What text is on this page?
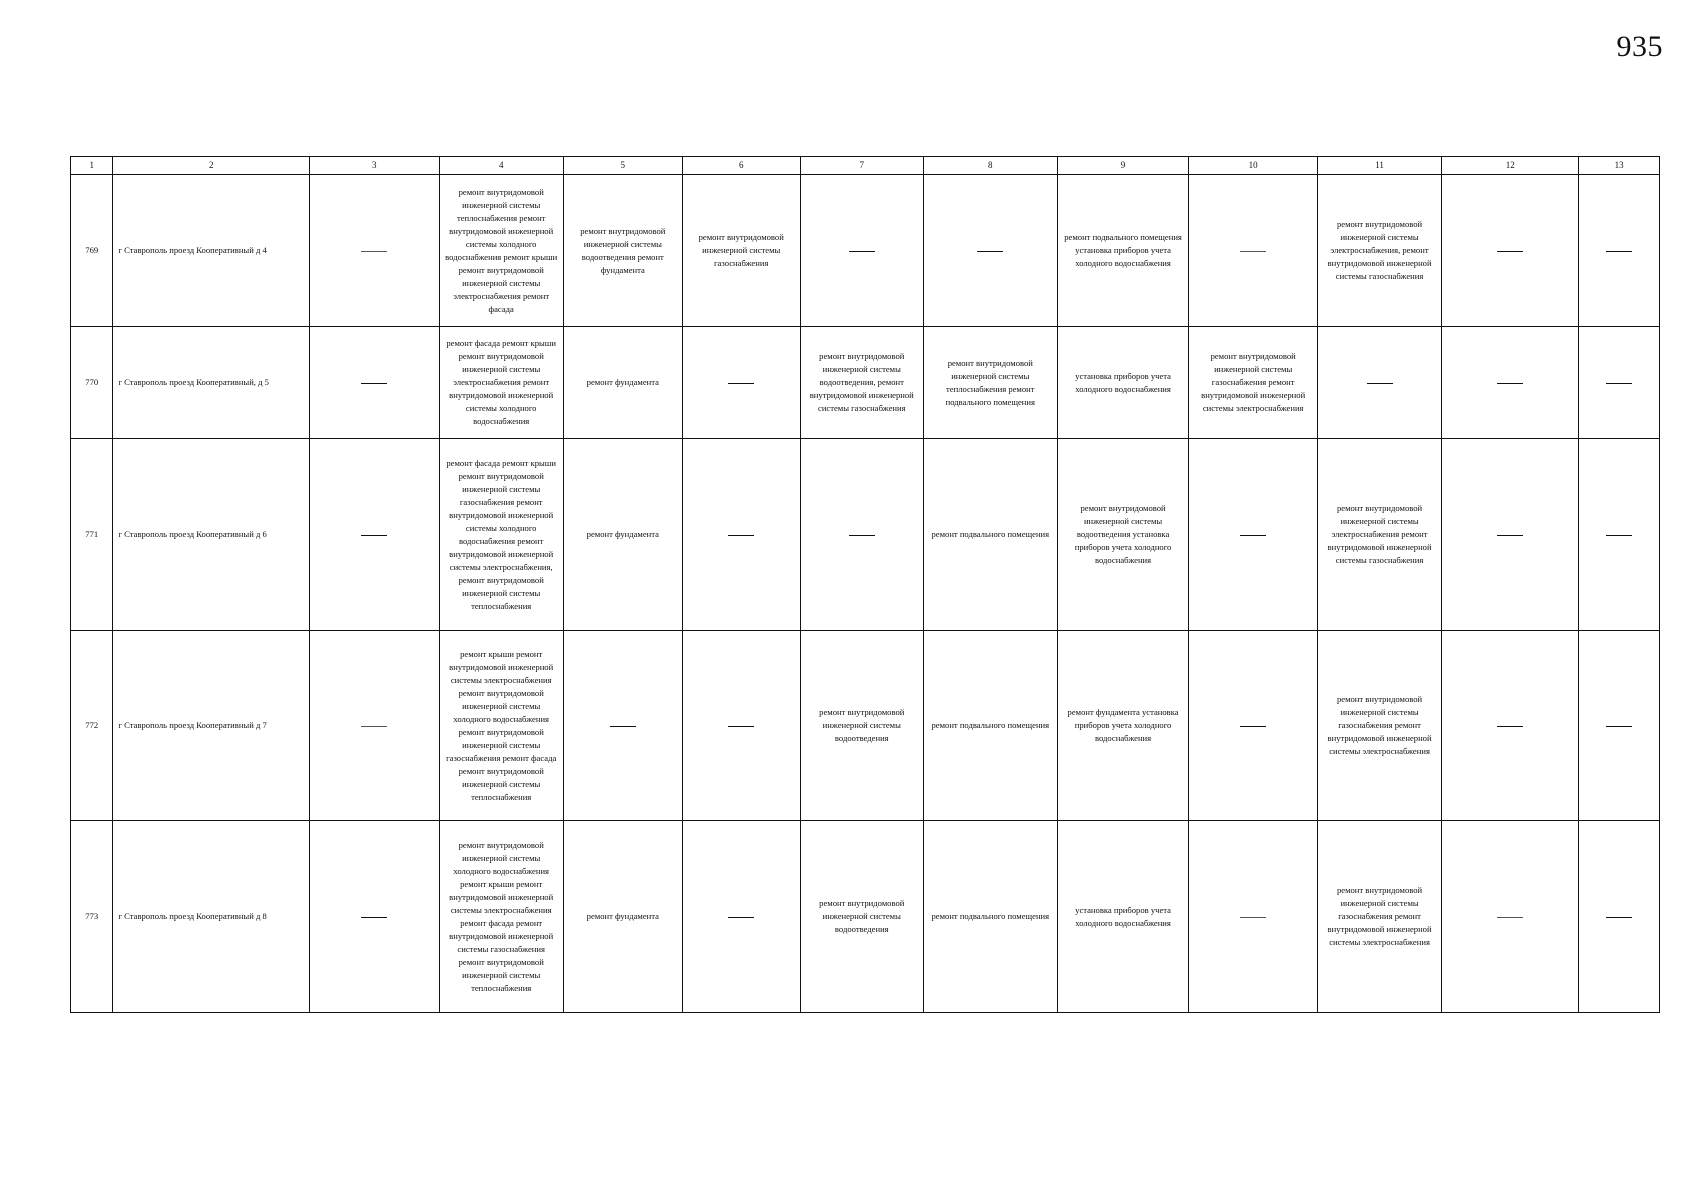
935
1	2	3	4	5	6	7	8	9	10	11	12	13
769	г Ставрополь проезд Кооперативный д 4		ремонт внутридомовой инженерной системы теплоснабжения ремонт внутридомовой инженерной системы холодного водоснабжения ремонт крыши ремонт внутридомовой инженерной системы электроснабжения ремонт фасада	ремонт внутридомовой инженерной системы водоотведения ремонт фундамента	ремонт внутридомовой инженерной системы газоснабжения			ремонт подвального помещения установка приборов учета холодного водоснабжения		ремонт внутридомовой инженерной системы электроснабжения, ремонт внутридомовой инженерной системы газоснабжения		
770	г Ставрополь проезд Кооперативный, д 5		ремонт фасада ремонт крыши ремонт внутридомовой инженерной системы электроснабжения ремонт внутридомовой инженерной системы холодного водоснабжения	ремонт фундамента		ремонт внутридомовой инженерной системы водоотведения, ремонт внутридомовой инженерной системы газоснабжения	ремонт внутридомовой инженерной системы теплоснабжения ремонт подвального помещения	установка приборов учета холодного водоснабжения	ремонт внутридомовой инженерной системы газоснабжения ремонт внутридомовой инженерной системы электроснабжения			
771	г Ставрополь проезд Кооперативный д 6		ремонт фасада ремонт крыши ремонт внутридомовой инженерной системы газоснабжения ремонт внутридомовой инженерной системы холодного водоснабжения ремонт внутридомовой инженерной системы электроснабжения, ремонт внутридомовой инженерной системы теплоснабжения	ремонт фундамента			ремонт подвального помещения	ремонт внутридомовой инженерной системы водоотведения установка приборов учета холодного водоснабжения		ремонт внутридомовой инженерной системы электроснабжения ремонт внутридомовой инженерной системы газоснабжения		
772	г Ставрополь проезд Кооперативный д 7		ремонт крыши ремонт внутридомовой инженерной системы электроснабжения ремонт внутридомовой инженерной системы холодного водоснабжения ремонт внутридомовой инженерной системы газоснабжения ремонт фасада ремонт внутридомовой инженерной системы теплоснабжения			ремонт внутридомовой инженерной системы водоотведения	ремонт подвального помещения	ремонт фундамента установка приборов учета холодного водоснабжения		ремонт внутридомовой инженерной системы газоснабжения ремонт внутридомовой инженерной системы электроснабжения		
773	г Ставрополь проезд Кооперативный д 8		ремонт внутридомовой инженерной системы холодного водоснабжения ремонт крыши ремонт внутридомовой инженерной системы электроснабжения ремонт фасада ремонт внутридомовой инженерной системы газоснабжения ремонт внутридомовой инженерной системы теплоснабжения	ремонт фундамента		ремонт внутридомовой инженерной системы водоотведения	ремонт подвального помещения	установка приборов учета холодного водоснабжения		ремонт внутридомовой инженерной системы газоснабжения ремонт внутридомовой инженерной системы электроснабжения		
